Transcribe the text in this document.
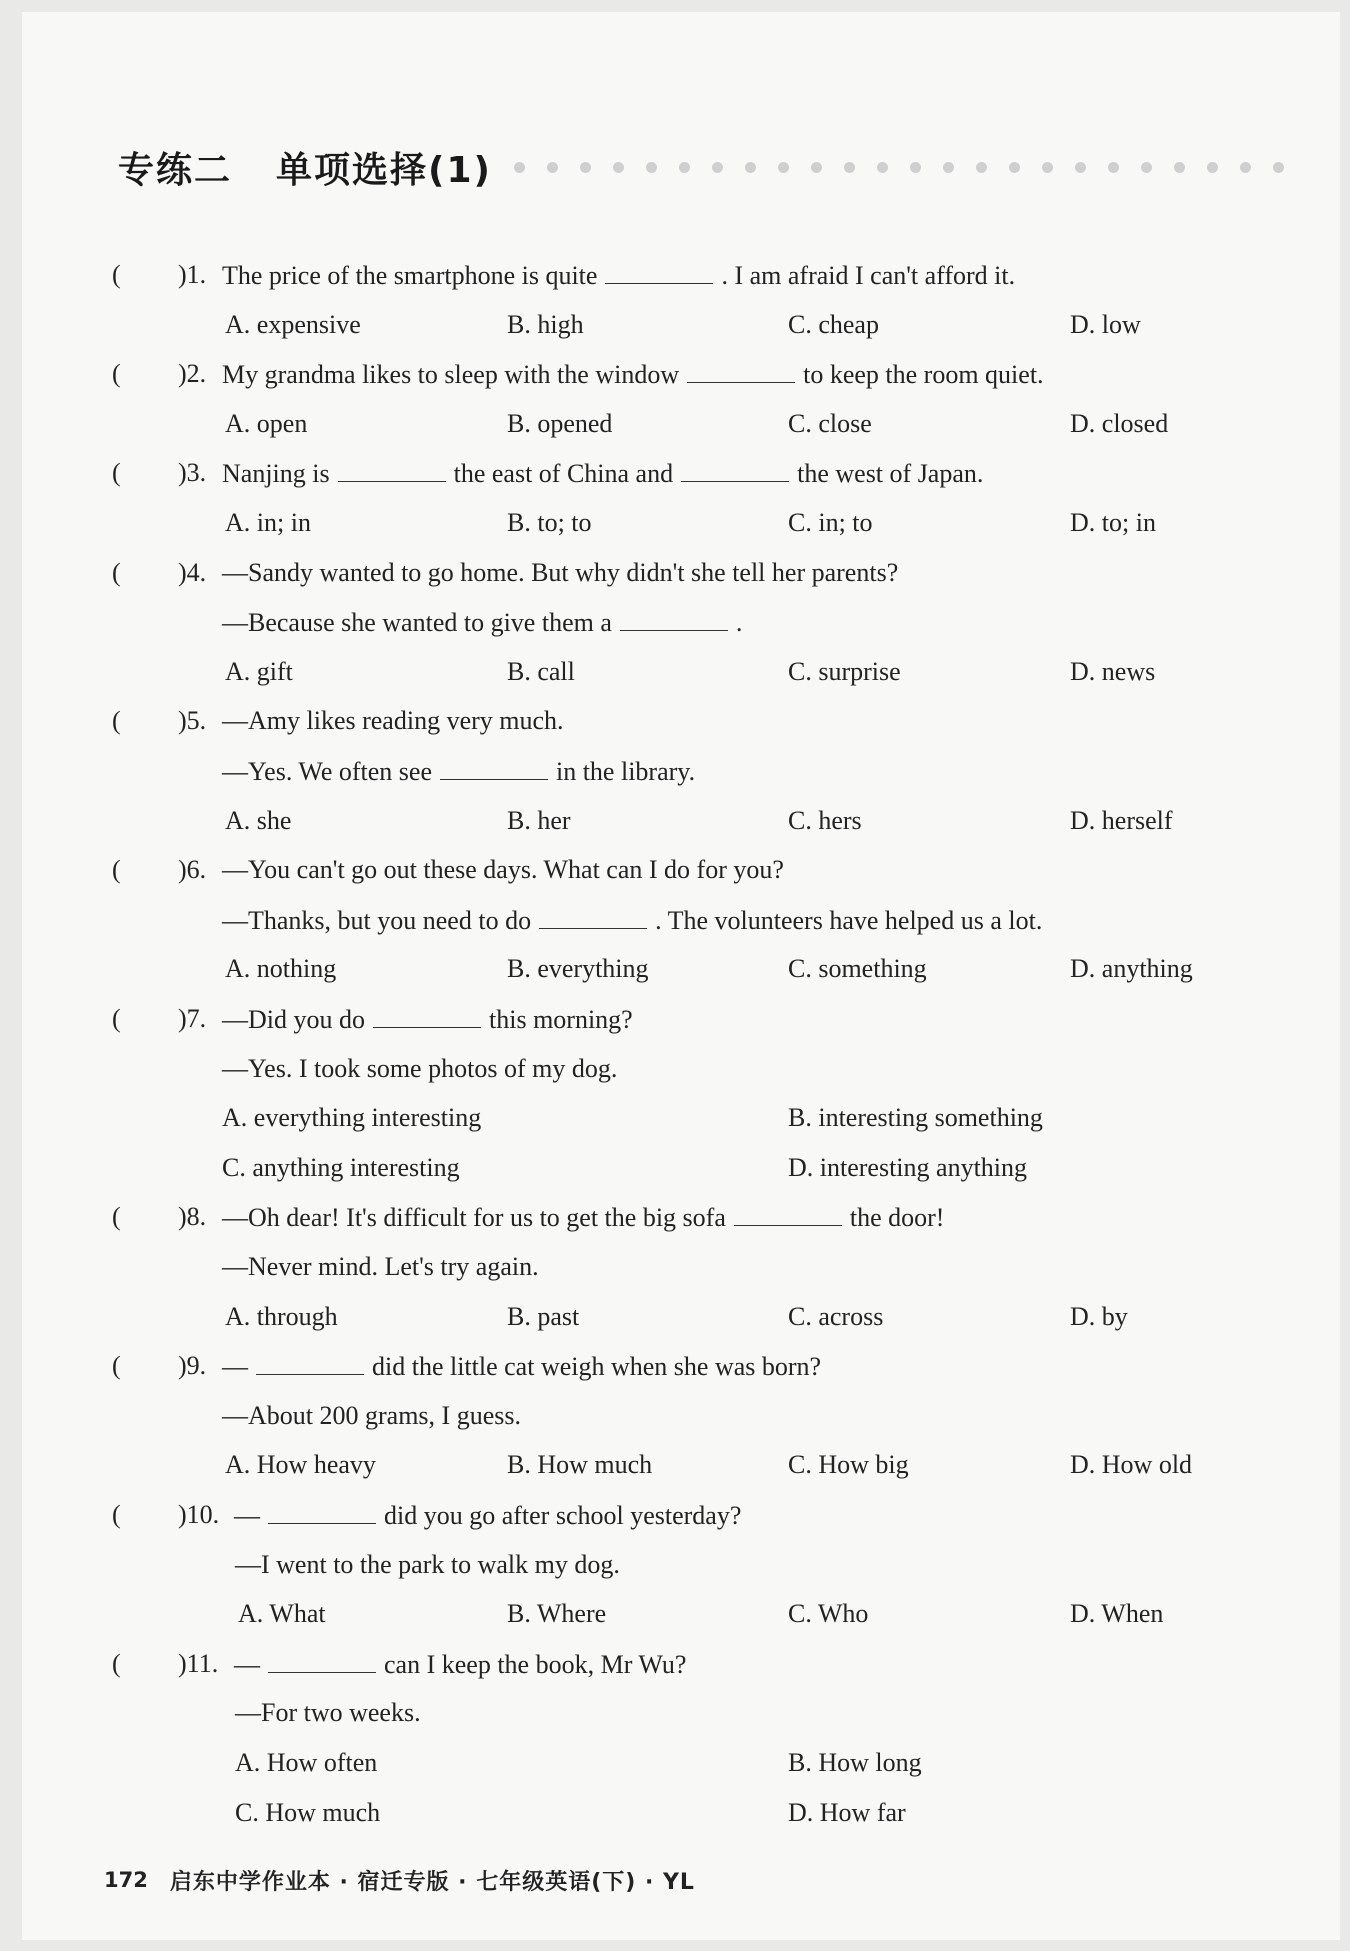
专练二 单项选择(1)
( )1. The price of the smartphone is quite	. I am afraid I can't afford it.
A. expensive	B. high	C. cheap	D. low
( )2. My grandma likes to sleep with the window	to keep the room quiet.
A. open	B. opened	C. close	D. closed
( )3. Nanjing is	the east of China and	the west of Japan.
A. in; in	B. to; to	C. in; to	D. to; in
( )4. —Sandy wanted to go home. But why didn't she tell her parents?
—Because she wanted to give them a	.
A. gift	B. call	C. surprise	D. news
( )5. —Amy likes reading very much.
—Yes. We often see	in the library.
A. she	B. her	C. hers	D. herself
( )6. —You can't go out these days. What can I do for you?
—Thanks, but you need to do	. The volunteers have helped us a lot.
A. nothing	B. everything	C. something	D. anything
( )7. —Did you do	this morning?
—Yes. I took some photos of my dog.
A. everything interesting	B. interesting something
C. anything interesting	D. interesting anything
( )8. —Oh dear! It's difficult for us to get the big sofa	the door!
—Never mind. Let's try again.
A. through	B. past	C. across	D. by
( )9. —	did the little cat weigh when she was born?
—About 200 grams, I guess.
A. How heavy	B. How much	C. How big	D. How old
( )10. —	did you go after school yesterday?
—I went to the park to walk my dog.
A. What	B. Where	C. Who	D. When
( )11. —	can I keep the book, Mr Wu?
—For two weeks.
A. How often	B. How long
C. How much	D. How far
172 启东中学作业本 · 宿迁专版 · 七年级英语(下) · YL
